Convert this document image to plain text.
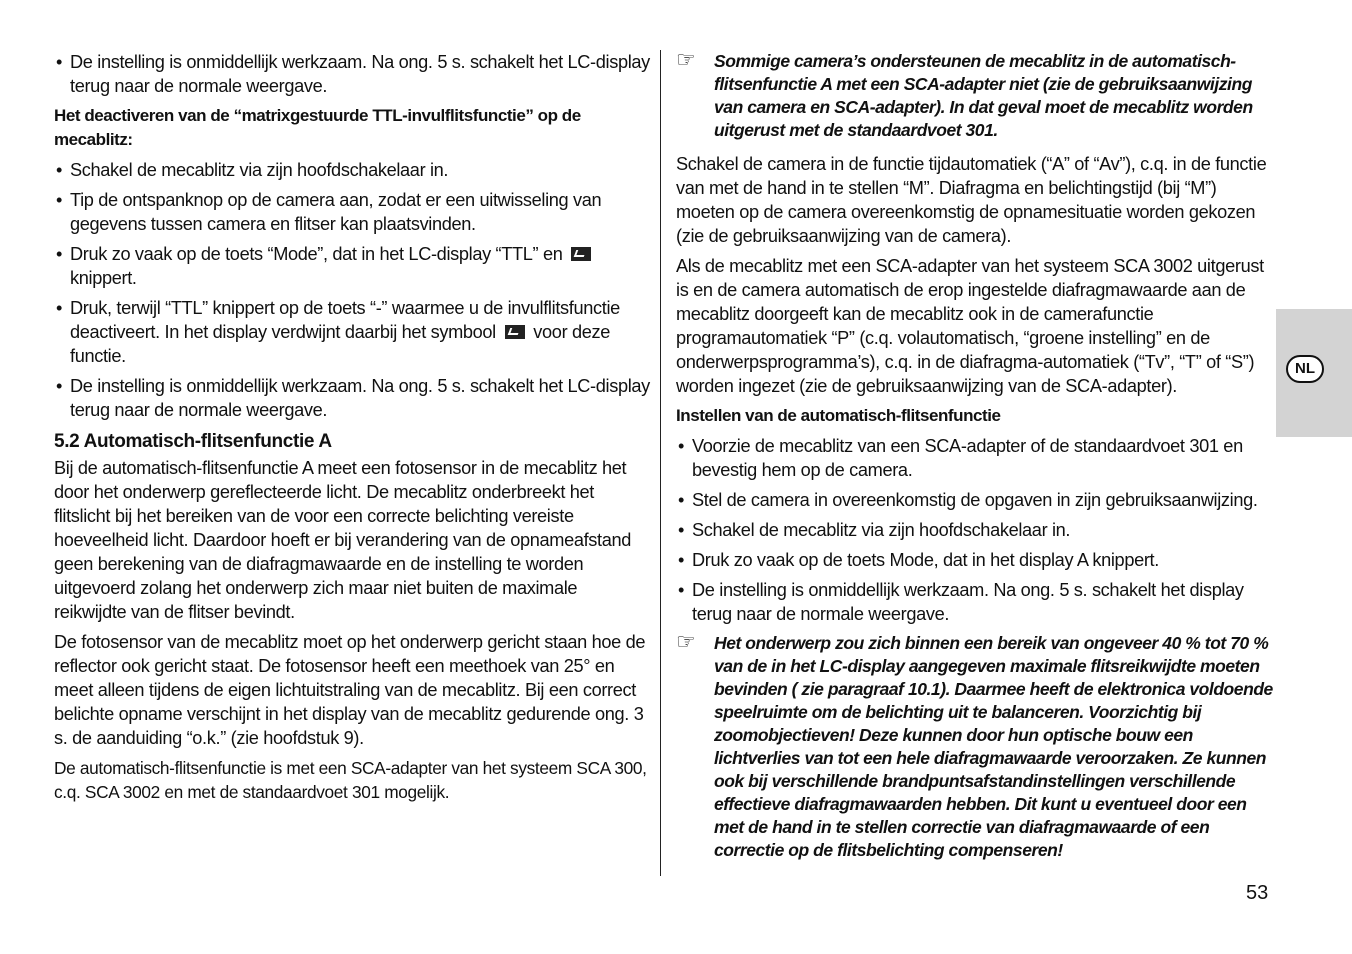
• De instelling is onmiddellijk werkzaam. Na ong. 5 s. schakelt het LC-display terug naar de normale weergave.

Het deactiveren van de “matrixgestuurde TTL-invulflitsfunctie” op de mecablitz:

• Schakel de mecablitz via zijn hoofdschakelaar in.
• Tip de ontspanknop op de camera aan, zodat er een uitwisseling van gegevens tussen camera en flitser kan plaatsvinden.
• Druk zo vaak op de toets “Mode”, dat in het LC-display “TTL” en
knippert.
• Druk, terwijl “TTL” knippert op de toets “-” waarmee u de invulflitsfunctie deactiveert. In het display verdwijnt daarbij het symbool voor deze functie.
• De instelling is onmiddellijk werkzaam. Na ong. 5 s. schakelt het LC-display terug naar de normale weergave.

5.2 Automatisch-flitsenfunctie A

Bij de automatisch-flitsenfunctie A meet een fotosensor in de mecablitz het door het onderwerp gereflecteerde licht. De mecablitz onderbreekt het flitslicht bij het bereiken van de voor een correcte belichting vereiste hoeveelheid licht. Daardoor hoeft er bij verandering van de opnameafstand geen berekening van de diafragmawaarde en de instelling te worden uitgevoerd zolang het onderwerp zich maar niet buiten de maximale reikwijdte van de flitser bevindt.

De fotosensor van de mecablitz moet op het onderwerp gericht staan hoe de reflector ook gericht staat. De fotosensor heeft een meethoek van 25° en meet alleen tijdens de eigen lichtuitstraling van de mecablitz. Bij een correct belichte opname verschijnt in het display van de mecablitz gedurende ong. 3 s. de aanduiding “o.k.” (zie hoofdstuk 9).

De automatisch-flitsenfunctie is met een SCA-adapter van het systeem SCA 300, c.q. SCA 3002 en met de standaardvoet 301 mogelijk.

☞ Sommige camera’s ondersteunen de mecablitz in de automatisch-flitsenfunctie A met een SCA-adapter niet (zie de gebruiksaanwijzing van camera en SCA-adapter). In dat geval moet de mecablitz worden uitgerust met de standaardvoet 301.

Schakel de camera in de functie tijdautomatiek (“A” of “Av”), c.q. in de functie van met de hand in te stellen “M”. Diafragma en belichtingstijd (bij “M”) moeten op de camera overeenkomstig de opnamesituatie worden gekozen (zie de gebruiksaanwijzing van de camera).

Als de mecablitz met een SCA-adapter van het systeem SCA 3002 uitgerust is en de camera automatisch de erop ingestelde diafragmawaarde aan de mecablitz doorgeeft kan de mecablitz ook in de camerafunctie programautomatiek “P” (c.q. volautomatisch, “groene instelling” en de onderwerpsprogramma’s), c.q. in de diafragma-automatiek (“Tv”, “T” of “S”) worden ingezet (zie de gebruiksaanwijzing van de SCA-adapter).

Instellen van de automatisch-flitsenfunctie

• Voorzie de mecablitz van een SCA-adapter of de standaardvoet 301 en bevestig hem op de camera.
• Stel de camera in overeenkomstig de opgaven in zijn gebruiksaanwijzing.
• Schakel de mecablitz via zijn hoofdschakelaar in.
• Druk zo vaak op de toets Mode, dat in het display A knippert.
• De instelling is onmiddellijk werkzaam. Na ong. 5 s. schakelt het display terug naar de normale weergave.
☞ Het onderwerp zou zich binnen een bereik van ongeveer 40 % tot 70 % van de in het LC-display aangegeven maximale flitsreikwijdte moeten bevinden ( zie paragraaf 10.1). Daarmee heeft de elektronica voldoende speelruimte om de belichting uit te balanceren. Voorzichtig bij zoomobjectieven! Deze kunnen door hun optische bouw een lichtverlies van tot een hele diafragmawaarde veroorzaken. Ze kunnen ook bij verschillende brandpuntsafstandinstellingen verschillende effectieve diafragmawaarden hebben. Dit kunt u eventueel door een met de hand in te stellen correctie van diafragmawaarde of een correctie op de flitsbelichting compenseren!
NL
53
